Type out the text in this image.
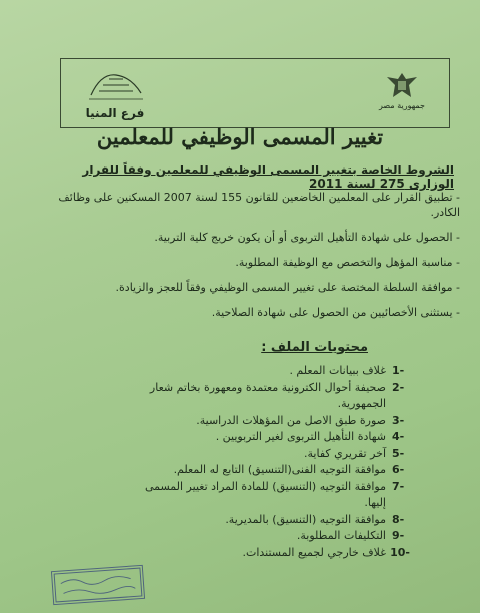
فرع المنيا
جمهورية مصر
تغيير المسمى الوظيفي للمعلمين
الشروط الخاصة بتغيير المسمى الوظيفي للمعلمين وفقاً للقرار الوزارى 275 لسنة 2011
- تطبيق القرار على المعلمين الخاضعين للقانون 155 لسنة 2007 المسكنين على وظائف الكادر.
- الحصول على شهادة التأهيل التربوى أو أن يكون خريج كلية التربية.
- مناسبة المؤهل والتخصص مع الوظيفة المطلوبة.
- موافقة السلطة المختصة على تغيير المسمى الوظيفي وفقاً للعجز والزيادة.
- يستثنى الأخصائيين من الحصول على شهادة الصلاحية.
محتويات الملف :
-1
غلاف ببيانات المعلم .
-2
صحيفة أحوال الكترونية معتمدة ومعهورة بخاتم شعار الجمهورية.
-3
صورة طبق الاصل من المؤهلات الدراسية.
-4
شهادة التأهيل التربوى لغير التربويين .
-5
آخر تقريري كفاية.
-6
موافقة التوجيه الفنى(التنسيق) التابع له المعلم.
-7
موافقة التوجيه (التنسيق) للمادة المراد تغيير المسمى إليها.
-8
موافقة التوجيه (التنسيق) بالمديرية.
-9
التكليفات المطلوبة.
-10
غلاف خارجي لجميع المستندات.
